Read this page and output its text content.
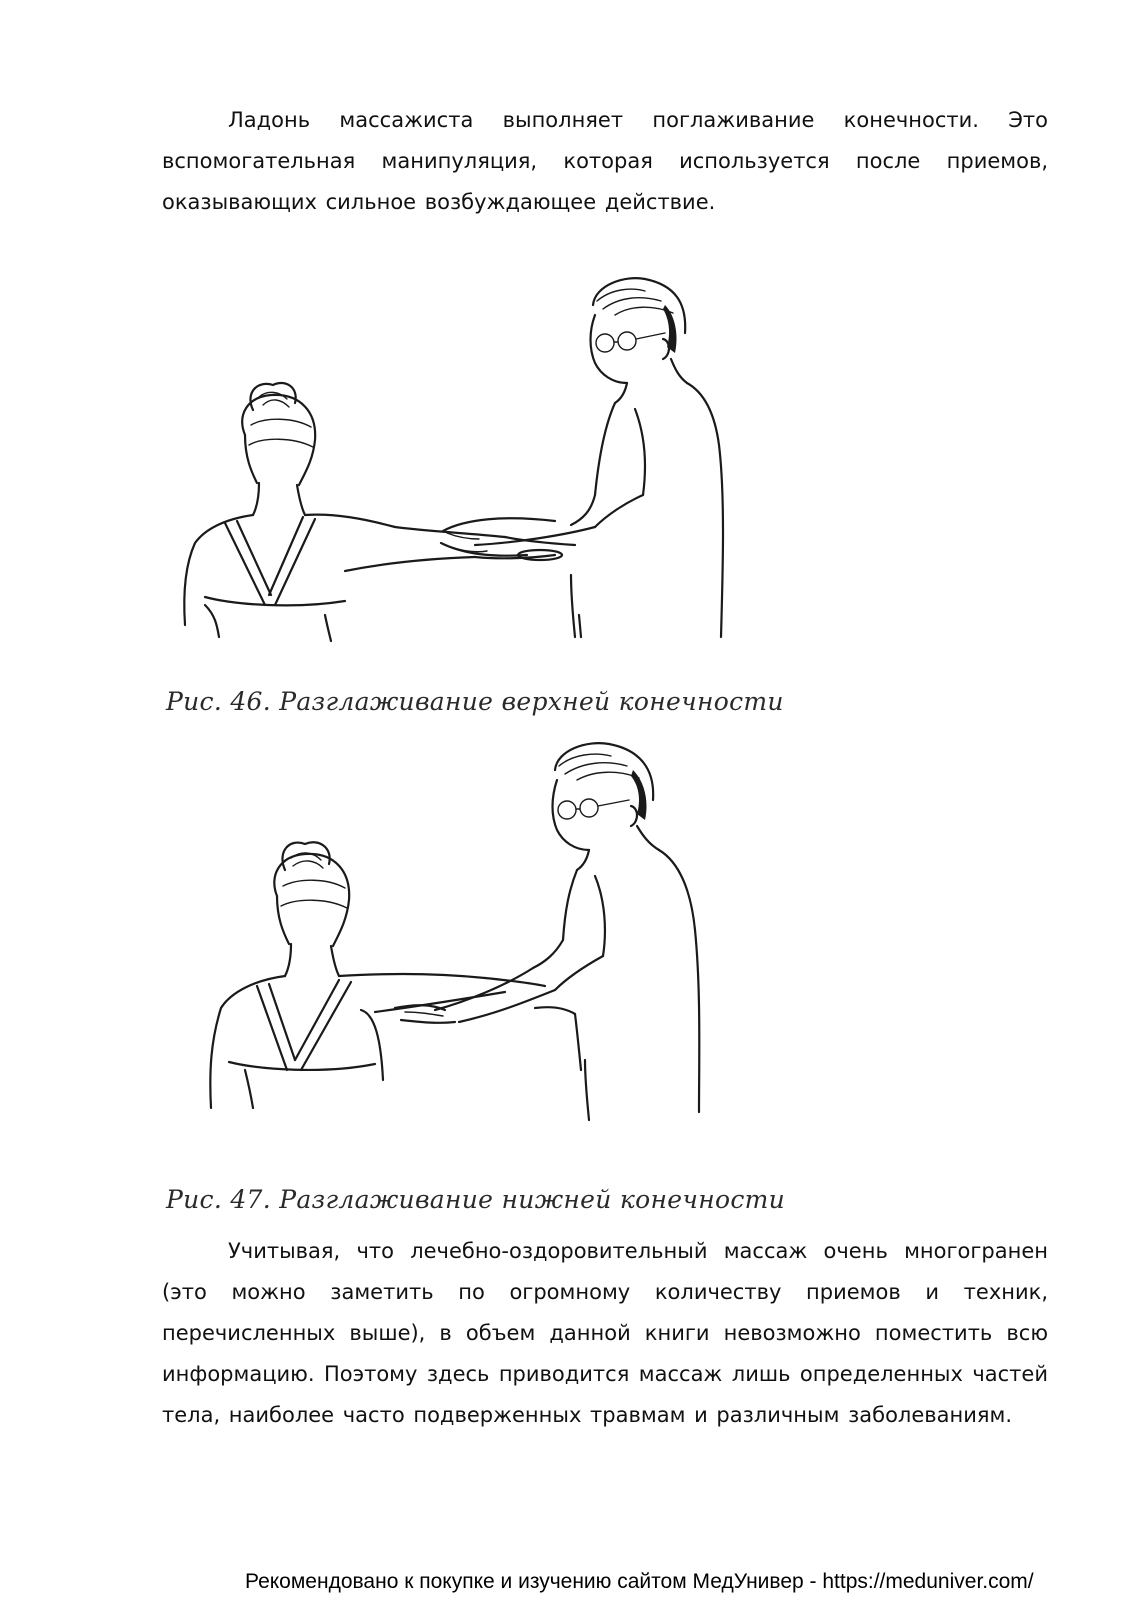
Ладонь массажиста выполняет поглаживание конечности. Это вспомогательная манипуляция, которая используется после приемов, оказывающих сильное возбуждающее действие.

Рис. 46. Разглаживание верхней конечности

Рис. 47. Разглаживание нижней конечности

Учитывая, что лечебно-оздоровительный массаж очень многогранен (это можно заметить по огромному количеству приемов и техник, перечисленных выше), в объем данной книги невозможно поместить всю информацию. Поэтому здесь приводится массаж лишь определенных частей тела, наиболее часто подверженных травмам и различным заболеваниям.

Рекомендовано к покупке и изучению сайтом МедУнивер - https://meduniver.com/
